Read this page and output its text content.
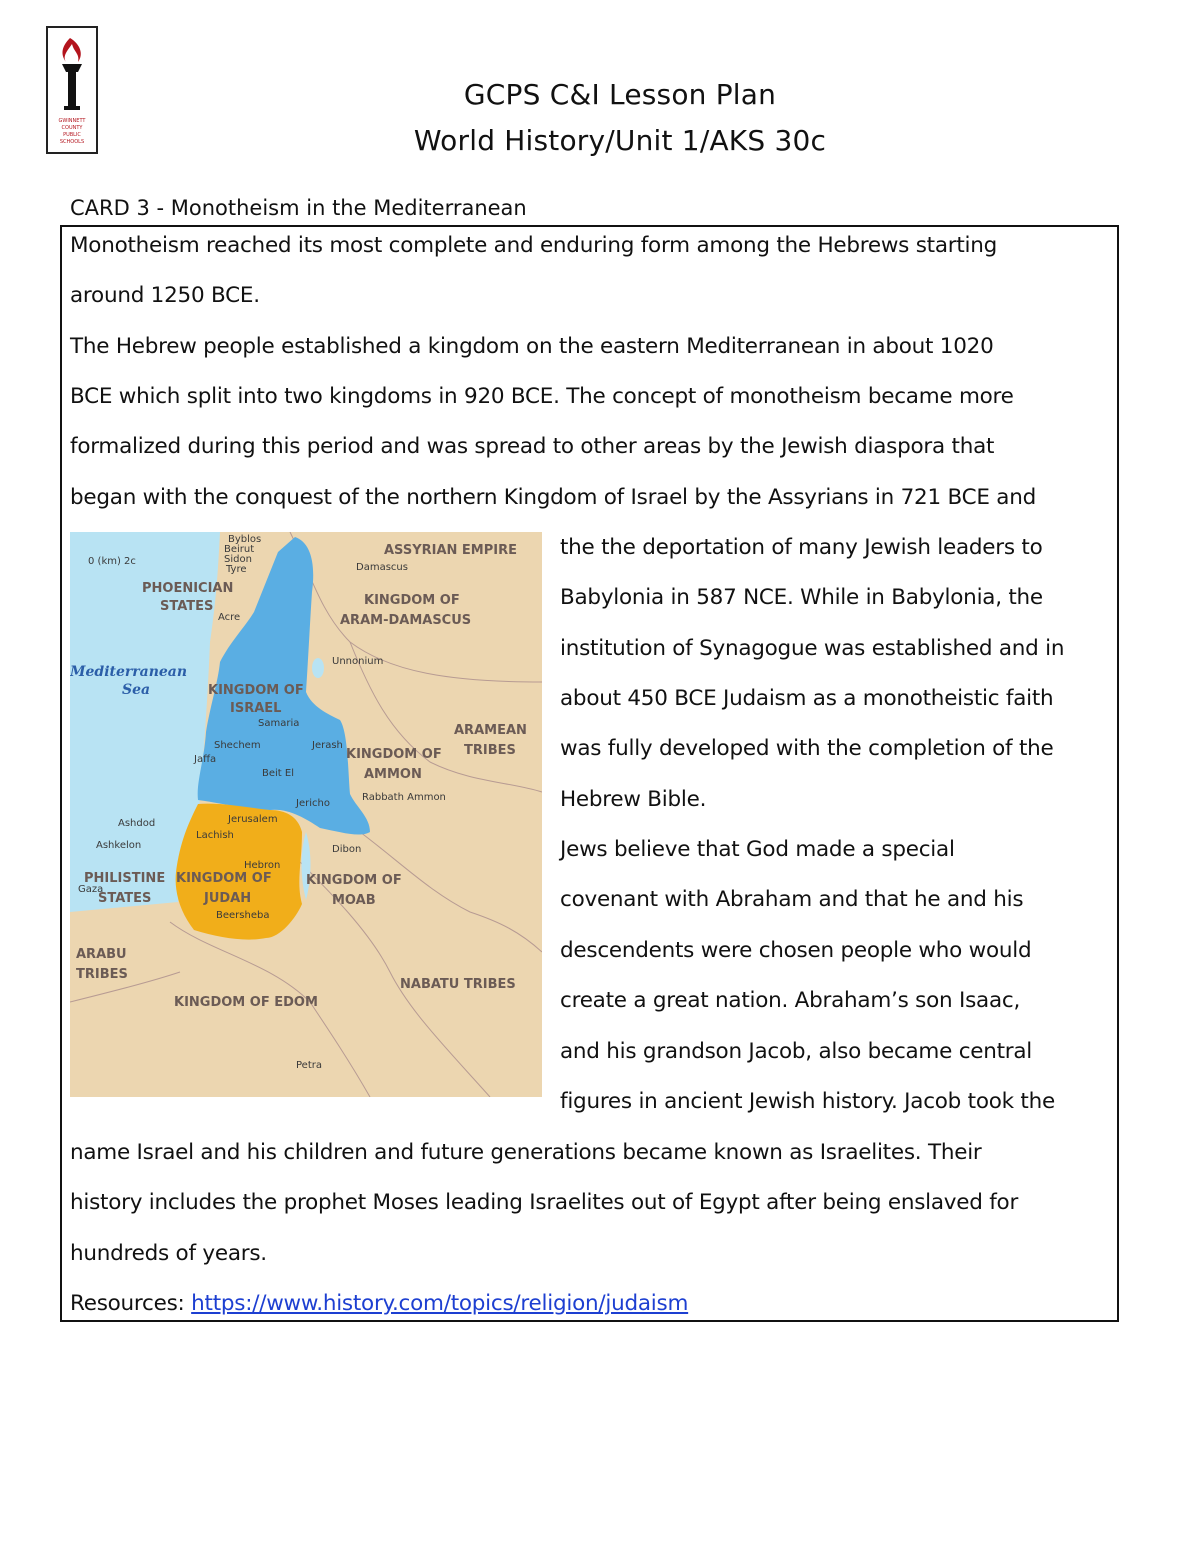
GWINNETT
COUNTY
PUBLIC
SCHOOLS
GCPS C&I Lesson Plan
World History/Unit 1/AKS 30c
CARD 3 - Monotheism in the Mediterranean
Monotheism reached its most complete and enduring form among the Hebrews starting
around 1250 BCE.
The Hebrew people established a kingdom on the eastern Mediterranean in about 1020
BCE which split into two kingdoms in 920 BCE. The concept of monotheism became more
formalized during this period and was spread to other areas by the Jewish diaspora that
began with the conquest of the northern Kingdom of Israel by the Assyrians in 721 BCE and
the the deportation of many Jewish leaders to
Babylonia in 587 NCE. While in Babylonia, the
institution of Synagogue was established and in
about 450 BCE Judaism as a monotheistic faith
was fully developed with the completion of the
Hebrew Bible.
Jews believe that God made a special
covenant with Abraham and that he and his
descendents were chosen people who would
create a great nation. Abraham’s son Isaac,
and his grandson Jacob, also became central
figures in ancient Jewish history. Jacob took the
name Israel and his children and future generations became known as Israelites. Their
history includes the prophet Moses leading Israelites out of Egypt after being enslaved for
hundreds of years.
Resources: https://www.history.com/topics/religion/judaism
0 (km) 2c
ASSYRIAN EMPIRE
PHOENICIAN
STATES	KINGDOM OF
ARAM-DAMASCUS
Mediterranean
Sea	KINGDOM OF
ISRAEL
ARAMEAN
TRIBES
KINGDOM OF
AMMON
PHILISTINE
STATES
KINGDOM OF
JUDAH
KINGDOM OF
MOAB
ARABU
TRIBES
NABATU TRIBES
KINGDOM OF EDOM
Byblos
Beirut
Sidon
Tyre
Acre
Damascus
Unnonium
Samaria
Shechem	Jerash
Jaffa
Beit El
Jericho
Rabbath Ammon
Ashdod	Jerusalem
Lachish
Ashkelon	Dibon
Gaza
Hebron
Beersheba
Petra
